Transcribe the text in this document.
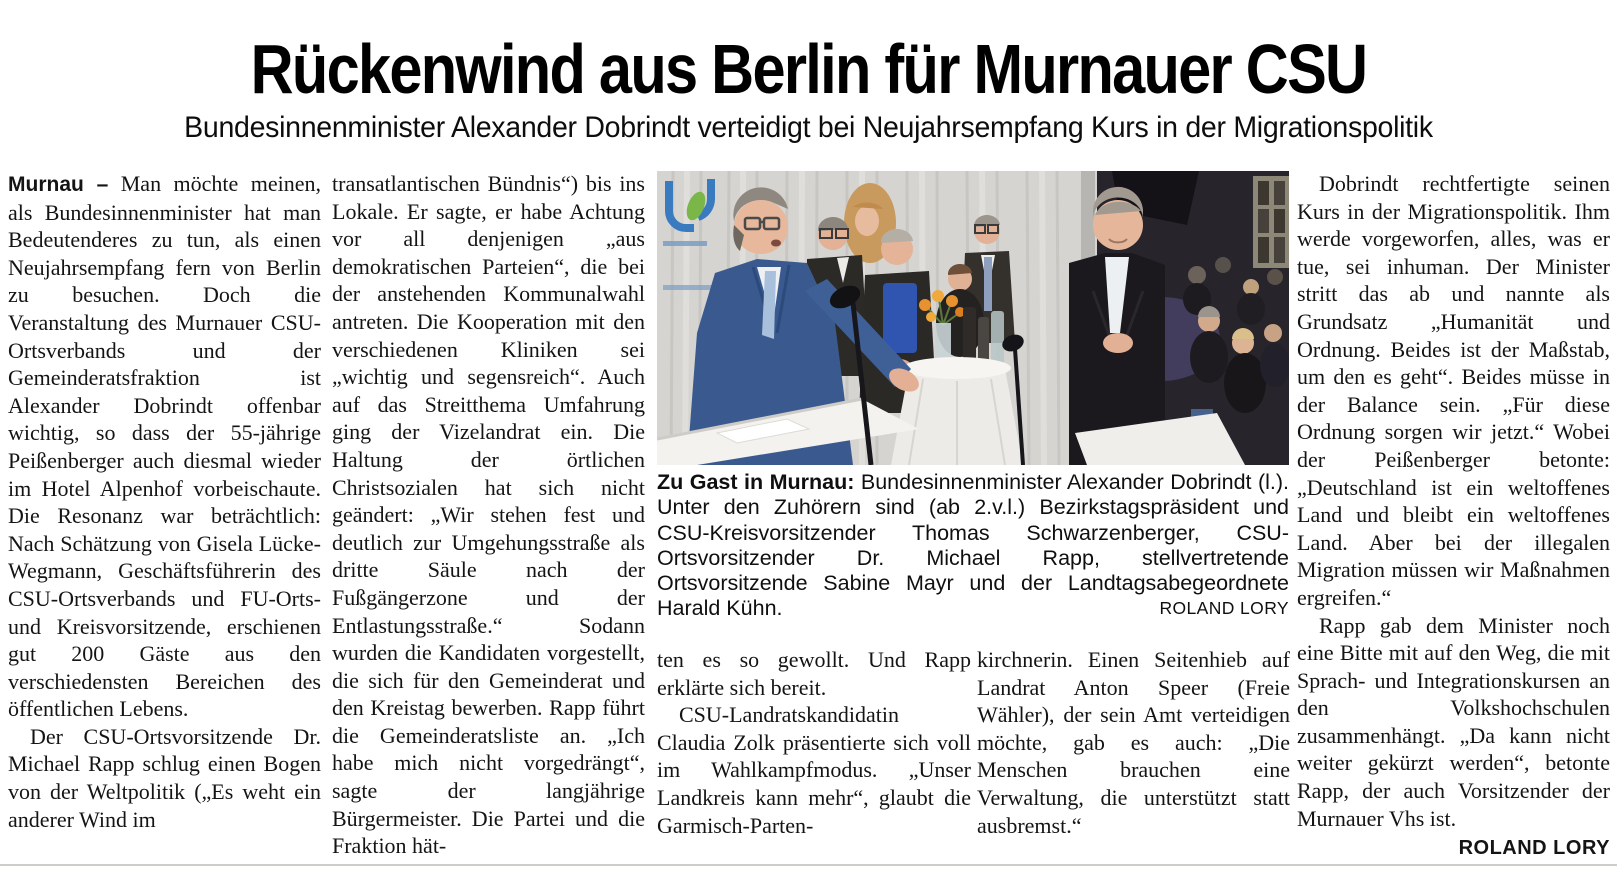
Rückenwind aus Berlin für Murnauer CSU
Bundesinnenminister Alexander Dobrindt verteidigt bei Neujahrsempfang Kurs in der Migrationspolitik

Murnau – Man möchte meinen, als Bundesinnenminister hat man Bedeutenderes zu tun, als einen Neujahrsempfang fern von Berlin zu besuchen. Doch die Veranstaltung des Murnauer CSU-Ortsverbands und der Gemeinderatsfraktion ist Alexander Dobrindt offenbar wichtig, so dass der 55-jährige Peißenberger auch diesmal wieder im Hotel Alpenhof vorbeischaute. Die Resonanz war beträchtlich: Nach Schätzung von Gisela Lücke-Wegmann, Geschäftsführerin des CSU-Ortsverbands und FU-Orts- und Kreisvorsitzende, erschienen gut 200 Gäste aus den verschiedensten Bereichen des öffentlichen Lebens.

Der CSU-Ortsvorsitzende Dr. Michael Rapp schlug einen Bogen von der Weltpolitik („Es weht ein anderer Wind im

transatlantischen Bündnis“) bis ins Lokale. Er sagte, er habe Achtung vor all denjenigen „aus demokratischen Parteien“, die bei der anstehenden Kommunalwahl antreten. Die Kooperation mit den verschiedenen Kliniken sei „wichtig und segensreich“. Auch auf das Streitthema Umfahrung ging der Vizelandrat ein. Die Haltung der örtlichen Christsozialen hat sich nicht geändert: „Wir stehen fest und deutlich zur Umgehungsstraße als dritte Säule nach der Fußgängerzone und der Entlastungsstraße.“ Sodann wurden die Kandidaten vorgestellt, die sich für den Gemeinderat und den Kreistag bewerben. Rapp führt die Gemeinderatsliste an. „Ich habe mich nicht vorgedrängt“, sagte der langjährige Bürgermeister. Die Partei und die Fraktion hät-

Zu Gast in Murnau: Bundesinnenminister Alexander Dobrindt (l.). Unter den Zuhörern sind (ab 2.v.l.) Bezirkstagspräsident und CSU-Kreisvorsitzender Thomas Schwarzenberger, CSU-Ortsvorsitzender Dr. Michael Rapp, stellvertretende Ortsvorsitzende Sabine Mayr und der Landtagsabegeordnete Harald Kühn.	ROLAND LORY

ten es so gewollt. Und Rapp erklärte sich bereit.

CSU-Landratskandidatin Claudia Zolk präsentierte sich voll im Wahlkampfmodus. „Unser Landkreis kann mehr“, glaubt die Garmisch-Parten-

kirchnerin. Einen Seitenhieb auf Landrat Anton Speer (Freie Wähler), der sein Amt verteidigen möchte, gab es auch: „Die Menschen brauchen eine Verwaltung, die unterstützt statt ausbremst.“

Dobrindt rechtfertigte seinen Kurs in der Migrationspolitik. Ihm werde vorgeworfen, alles, was er tue, sei inhuman. Der Minister stritt das ab und nannte als Grundsatz „Humanität und Ordnung. Beides ist der Maßstab, um den es geht“. Beides müsse in der Balance sein. „Für diese Ordnung sorgen wir jetzt.“ Wobei der Peißenberger betonte: „Deutschland ist ein weltoffenes Land und bleibt ein weltoffenes Land. Aber bei der illegalen Migration müssen wir Maßnahmen ergreifen.“

Rapp gab dem Minister noch eine Bitte mit auf den Weg, die mit Sprach- und Integrationskursen an den Volkshochschulen zusammenhängt. „Da kann nicht weiter gekürzt werden“, betonte Rapp, der auch Vorsitzender der Murnauer Vhs ist.

ROLAND LORY
